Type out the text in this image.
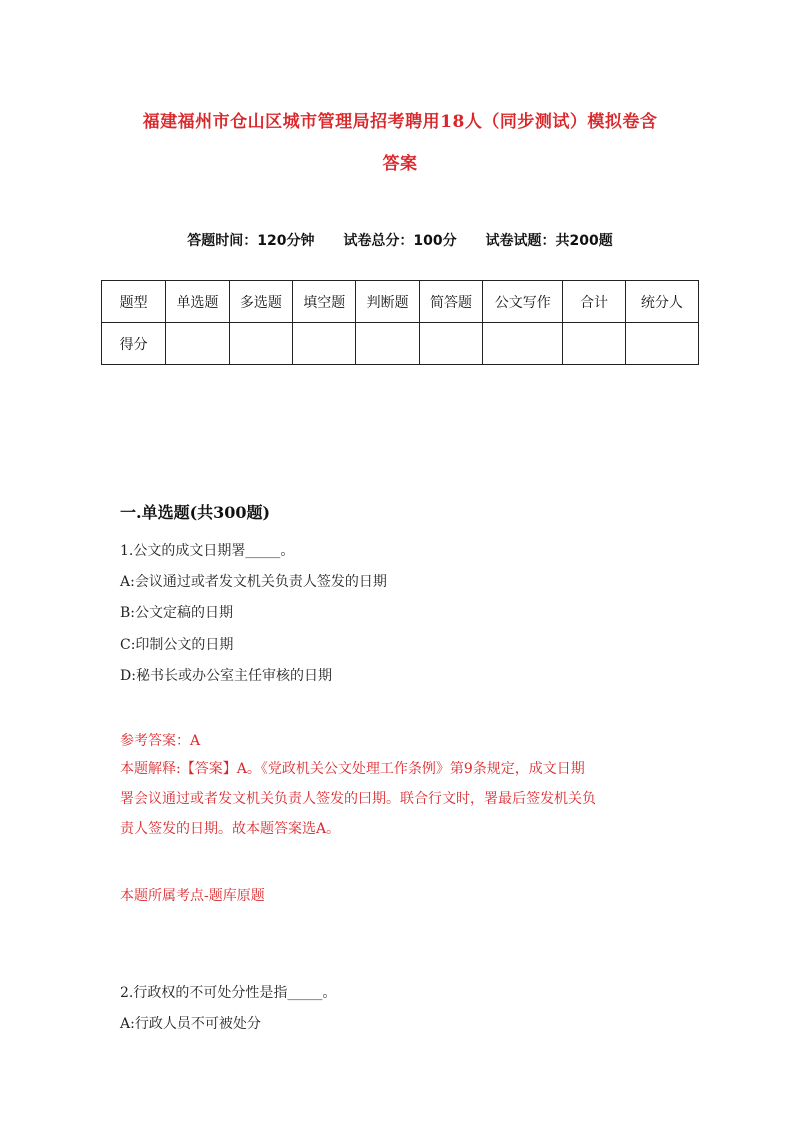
福建福州市仓山区城市管理局招考聘用18人（同步测试）模拟卷含
答案
答题时间：120分钟 试卷总分：100分 试卷试题：共200题
题型	单选题	多选题	填空题	判断题	简答题	公文写作	合计	统分人
得分								
一.单选题(共300题)
1.公文的成文日期署_____。
A:会议通过或者发文机关负责人签发的日期
B:公文定稿的日期
C:印制公文的日期
D:秘书长或办公室主任审核的日期
参考答案：A
本题解释:【答案】A。《党政机关公文处理工作条例》第9条规定，成文日期
署会议通过或者发文机关负责人签发的曰期。联合行文时，署最后签发机关负
责人签发的日期。故本题答案选A。
本题所属考点-题库原题
2.行政权的不可处分性是指_____。
A:行政人员不可被处分
